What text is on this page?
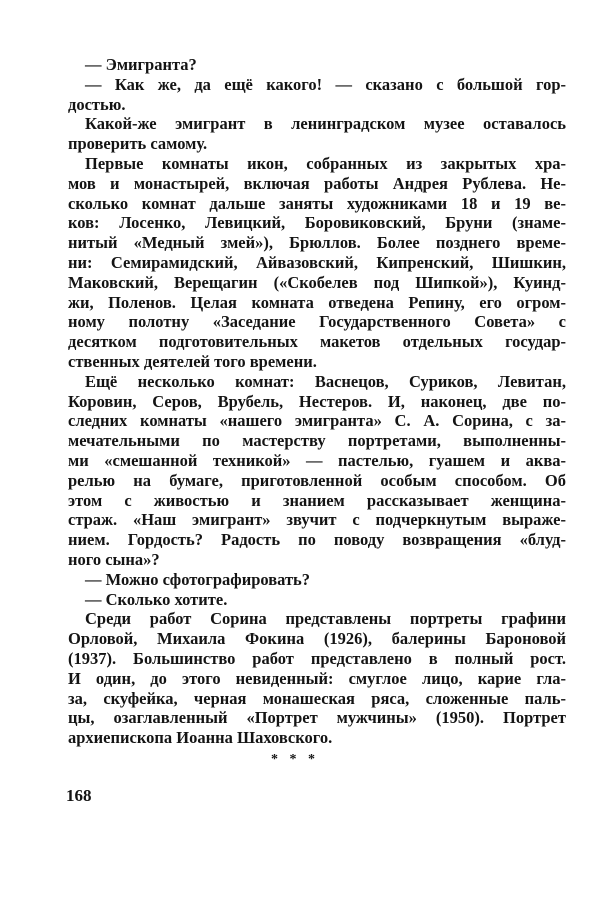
— Эмигранта?
— Как же, да ещё какого! — сказано с большой гор-
достью.
Какой-же эмигрант в ленинградском музее оставалось
проверить самому.
Первые комнаты икон, собранных из закрытых хра-
мов и монастырей, включая работы Андрея Рублева. Не-
сколько комнат дальше заняты художниками 18 и 19 ве-
ков: Лосенко, Левицкий, Боровиковский, Бруни (знаме-
нитый «Медный змей»), Брюллов. Более позднего време-
ни: Семирамидский, Айвазовский, Кипренский, Шишкин,
Маковский, Верещагин («Скобелев под Шипкой»), Куинд-
жи, Поленов. Целая комната отведена Репину, его огром-
ному полотну «Заседание Государственного Совета» с
десятком подготовительных макетов отдельных государ-
ственных деятелей того времени.
Ещё несколько комнат: Васнецов, Суриков, Левитан,
Коровин, Серов, Врубель, Нестеров. И, наконец, две по-
следних комнаты «нашего эмигранта» С. А. Сорина, с за-
мечательными по мастерству портретами, выполненны-
ми «смешанной техникой» — пастелью, гуашем и аква-
релью на бумаге, приготовленной особым способом. Об
этом с живостью и знанием рассказывает женщина-
страж. «Наш эмигрант» звучит с подчеркнутым выраже-
нием. Гордость? Радость по поводу возвращения «блуд-
ного сына»?
— Можно сфотографировать?
— Сколько хотите.
Среди работ Сорина представлены портреты графини
Орловой, Михаила Фокина (1926), балерины Бароновой
(1937). Большинство работ представлено в полный рост.
И один, до этого невиденный: смуглое лицо, карие гла-
за, скуфейка, черная монашеская ряса, сложенные паль-
цы, озаглавленный «Портрет мужчины» (1950). Портрет
архиепископа Иоанна Шаховского.
* * *
168
